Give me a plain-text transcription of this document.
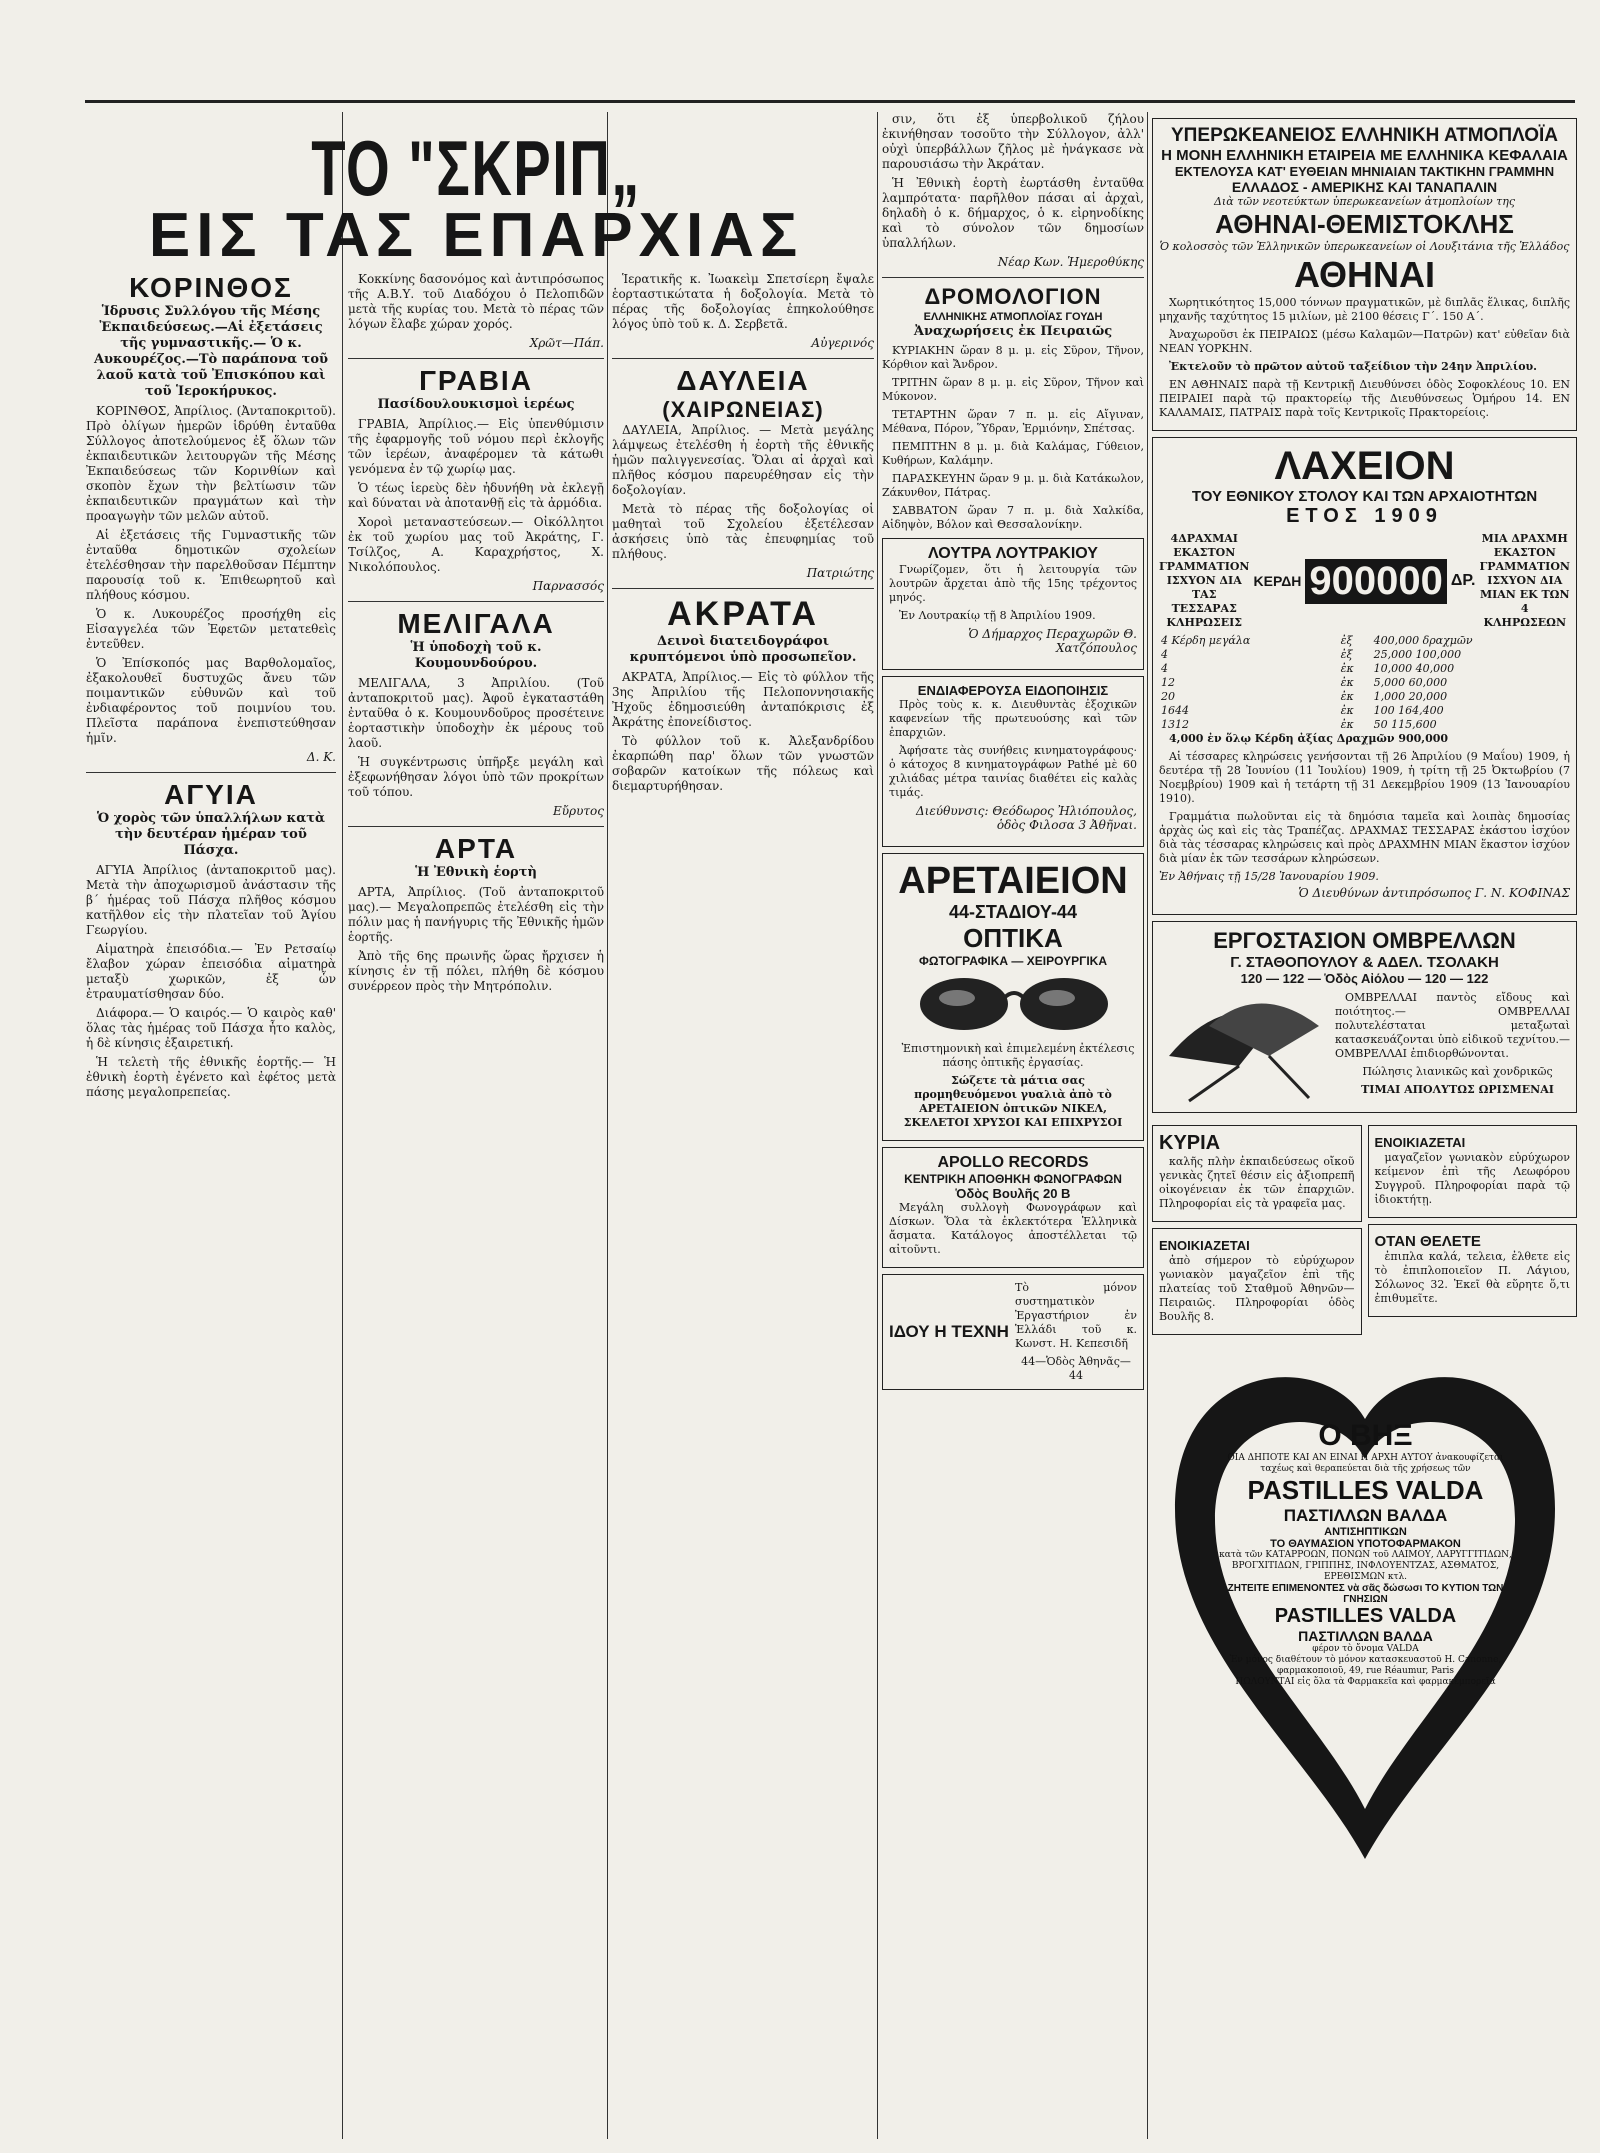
ΤΟ "ΣΚΡΙΠ„
ΕΙΣ ΤΑΣ ΕΠΑΡΧΙΑΣ
ΚΟΡΙΝΘΟΣ

Ἱδρυσις Συλλόγου τῆς Μέσης Ἐκπαιδεύσεως.—Αἱ ἐξετάσεις τῆς γυμναστικῆς.— Ὁ κ. Αυκουρέζος.—Τὸ παράπονα τοῦ λαοῦ κατὰ τοῦ Ἐπισκόπου καὶ τοῦ Ἱεροκήρυκος.

ΚΟΡΙΝΘΟΣ, Ἀπρίλιος. (Ἀνταποκριτοῦ). Πρὸ ὀλίγων ἡμερῶν ἱδρύθη ἐνταῦθα Σύλλογος ἀποτελούμενος ἐξ ὅλων τῶν ἐκπαιδευτικῶν λειτουργῶν τῆς Μέσης Ἐκπαιδεύσεως τῶν Κορινθίων καὶ σκοπὸν ἔχων τὴν βελτίωσιν τῶν ἐκπαιδευτικῶν πραγμάτων καὶ τὴν προαγωγὴν τῶν μελῶν αὐτοῦ.

Αἱ ἐξετάσεις τῆς Γυμναστικῆς τῶν ἐνταῦθα δημοτικῶν σχολείων ἐτελέσθησαν τὴν παρελθοῦσαν Πέμπτην παρουσίᾳ τοῦ κ. Ἐπιθεωρητοῦ καὶ πλήθους κόσμου.

Ὁ κ. Λυκουρέζος προσήχθη εἰς Εἰσαγγελέα τῶν Ἐφετῶν μετατεθεὶς ἐντεῦθεν.

Ὁ Ἐπίσκοπός μας Βαρθολομαῖος, ἐξακολουθεῖ δυστυχῶς ἄνευ τῶν ποιμαντικῶν εὐθυνῶν καὶ τοῦ ἐνδιαφέροντος τοῦ ποιμνίου του. Πλεῖστα παράπονα ἐνεπιστεύθησαν ἡμῖν.

Δ. Κ.
ΑΓΥΙΑ

Ὁ χορὸς τῶν ὑπαλλήλων κατὰ τὴν δευτέραν ἡμέραν τοῦ Πάσχα.

ΑΓΥΙΑ Ἀπρίλιος (ἀνταποκριτοῦ μας). Μετὰ τὴν ἀποχωρισμοῦ ἀνάστασιν τῆς β΄ ἡμέρας τοῦ Πάσχα πλῆθος κόσμου κατῆλθον εἰς τὴν πλατεῖαν τοῦ Ἁγίου Γεωργίου.

Αἱματηρὰ ἐπεισόδια.— Ἐν Ρετσαίῳ ἔλαβον χώραν ἐπεισόδια αἱματηρὰ μεταξὺ χωρικῶν, ἐξ ὧν ἐτραυματίσθησαν δύο.

Διάφορα.— Ὁ καιρός.— Ὁ καιρὸς καθ' ὅλας τὰς ἡμέρας τοῦ Πάσχα ἦτο καλὸς, ἡ δὲ κίνησις ἐξαιρετική.

Ἡ τελετὴ τῆς ἐθνικῆς ἑορτῆς.— Ἡ ἐθνικὴ ἑορτὴ ἐγένετο καὶ ἐφέτος μετὰ πάσης μεγαλοπρεπείας.

Κοκκίνης δασονόμος καὶ ἀντιπρόσωπος τῆς Α.Β.Υ. τοῦ Διαδόχου ὁ Πελοπιδῶν μετὰ τῆς κυρίας του. Μετὰ τὸ πέρας τῶν λόγων ἔλαβε χώραν χορός.

Χρῶτ—Πάπ.
ΓΡΑΒΙΑ

Πασίδουλουκισμοὶ ἱερέως

ΓΡΑΒΙΑ, Ἀπρίλιος.— Εἰς ὑπενθύμισιν τῆς ἐφαρμογῆς τοῦ νόμου περὶ ἐκλογῆς τῶν ἱερέων, ἀναφέρομεν τὰ κάτωθι γενόμενα ἐν τῷ χωρίῳ μας.

Ὁ τέως ἱερεὺς δὲν ἠδυνήθη νὰ ἐκλεγῇ καὶ δύναται νὰ ἀποτανθῇ εἰς τὰ ἀρμόδια.

Χοροὶ μεταναστεύσεων.— Οἰκόλλητοι ἐκ τοῦ χωρίου μας τοῦ Ἀκράτης, Γ. Τσίλζος, Α. Καραχρήστος, Χ. Νικολόπουλος.

Παρνασσός
ΜΕΛΙΓΑΛΑ

Ἡ ὑποδοχὴ τοῦ κ. Κουμουνδούρου.

ΜΕΛΙΓΑΛΑ, 3 Ἀπριλίου. (Τοῦ ἀνταποκριτοῦ μας). Ἀφοῦ ἐγκαταστάθη ἐνταῦθα ὁ κ. Κουμουνδοῦρος προσέτεινε ἑορταστικὴν ὑποδοχὴν ἐκ μέρους τοῦ λαοῦ.

Ἡ συγκέντρωσις ὑπῆρξε μεγάλη καὶ ἐξεφωνήθησαν λόγοι ὑπὸ τῶν προκρίτων τοῦ τόπου.

Εὔρυτος
ΑΡΤΑ

Ἡ Ἐθνικὴ ἑορτὴ

ΑΡΤΑ, Ἀπρίλιος. (Τοῦ ἀνταποκριτοῦ μας).— Μεγαλοπρεπῶς ἐτελέσθη εἰς τὴν πόλιν μας ἡ πανήγυρις τῆς Ἐθνικῆς ἡμῶν ἑορτῆς.

Ἀπὸ τῆς 6ης πρωινῆς ὥρας ἤρχισεν ἡ κίνησις ἐν τῇ πόλει, πλήθη δὲ κόσμου συνέρρεον πρὸς τὴν Μητρόπολιν.

Ἱερατικῆς κ. Ἰωακεὶμ Σπετσίερη ἔψαλε ἑορταστικώτατα ἡ δοξολογία. Μετὰ τὸ πέρας τῆς δοξολογίας ἐπηκολούθησε λόγος ὑπὸ τοῦ κ. Δ. Σερβετᾶ.

Αὐγερινός
ΔΑΥΛΕΙΑ
(ΧΑΙΡΩΝΕΙΑΣ)

ΔΑΥΛΕΙΑ, Ἀπρίλιος. — Μετὰ μεγάλης λάμψεως ἐτελέσθη ἡ ἑορτὴ τῆς ἐθνικῆς ἡμῶν παλιγγενεσίας. Ὅλαι αἱ ἀρχαὶ καὶ πλῆθος κόσμου παρευρέθησαν εἰς τὴν δοξολογίαν.

Μετὰ τὸ πέρας τῆς δοξολογίας οἱ μαθηταὶ τοῦ Σχολείου ἐξετέλεσαν ἀσκήσεις ὑπὸ τὰς ἐπευφημίας τοῦ πλήθους.

Πατριώτης
ΑΚΡΑΤΑ

Δεινοὶ διατειδογράφοι κρυπτόμενοι ὑπὸ προσωπεῖον.

ΑΚΡΑΤΑ, Ἀπρίλιος.— Εἰς τὸ φύλλον τῆς 3ης Ἀπριλίου τῆς Πελοποννησιακῆς Ἠχοῦς ἐδημοσιεύθη ἀνταπόκρισις ἐξ Ἀκράτης ἐπονείδιστος.

Τὸ φύλλον τοῦ κ. Ἀλεξανδρίδου ἐκαρπώθη παρ' ὅλων τῶν γνωστῶν σοβαρῶν κατοίκων τῆς πόλεως καὶ διεμαρτυρήθησαν.

σιν, ὅτι ἐξ ὑπερβολικοῦ ζήλου ἐκινήθησαν τοσοῦτο τὴν Σύλλογον, ἀλλ' οὐχὶ ὑπερβάλλων ζῆλος μὲ ἠνάγκασε νὰ παρουσιάσω τὴν Ἀκράταν.

Ἡ Ἐθνικὴ ἑορτὴ ἐωρτάσθη ἐνταῦθα λαμπρότατα· παρῆλθον πάσαι αἱ ἀρχαὶ, δηλαδὴ ὁ κ. δήμαρχος, ὁ κ. εἰρηνοδίκης καὶ τὸ σύνολον τῶν δημοσίων ὑπαλλήλων.

Νέαρ Κων. Ἡμεροθύκης
ΔΡΟΜΟΛΟΓΙΟΝ
ΕΛΛΗΝΙΚΗΣ ΑΤΜΟΠΛΟΪΑΣ ΓΟΥΔΗ

Ἀναχωρήσεις ἐκ Πειραιῶς

ΚΥΡΙΑΚΗΝ ὥραν 8 μ. μ. εἰς Σῦρον, Τῆνον, Κόρθιον καὶ Ἄνδρον.

ΤΡΙΤΗΝ ὥραν 8 μ. μ. εἰς Σῦρον, Τῆνον καὶ Μύκονον.

ΤΕΤΑΡΤΗΝ ὥραν 7 π. μ. εἰς Αἴγιναν, Μέθανα, Πόρον, Ὕδραν, Ἑρμιόνην, Σπέτσας.

ΠΕΜΠΤΗΝ 8 μ. μ. διὰ Καλάμας, Γύθειον, Κυθήρων, Καλάμην.

ΠΑΡΑΣΚΕΥΗΝ ὥραν 9 μ. μ. διὰ Κατάκωλον, Ζάκυνθον, Πάτρας.

ΣΑΒΒΑΤΟΝ ὥραν 7 π. μ. διὰ Χαλκίδα, Αἰδηψὸν, Βόλον καὶ Θεσσαλονίκην.

ΛΟΥΤΡΑ ΛΟΥΤΡΑΚΙΟΥ

Γνωρίζομεν, ὅτι ἡ λειτουργία τῶν λουτρῶν ἄρχεται ἀπὸ τῆς 15ης τρέχοντος μηνός.

Ἐν Λουτρακίῳ τῇ 8 Ἀπριλίου 1909.

Ὁ Δήμαρχος Περαχωρῶν Θ. Χατζόπουλος
ΕΝΔΙΑΦΕΡΟΥΣΑ ΕΙΔΟΠΟΙΗΣΙΣ

Πρὸς τοὺς κ. κ. Διευθυντὰς ἐξοχικῶν καφενείων τῆς πρωτευούσης καὶ τῶν ἐπαρχιῶν.

Ἀφήσατε τὰς συνήθεις κινηματογράφους· ὁ κάτοχος 8 κινηματογράφων Pathé μὲ 60 χιλιάδας μέτρα ταινίας διαθέτει εἰς καλὰς τιμάς.

Διεύθυνσις: Θεόδωρος Ἠλιόπουλος, ὁδὸς Φιλοσα 3 Ἀθῆναι.
ΑΡΕΤΑΙΕΙΟΝ
44-ΣΤΑΔΙΟΥ-44
ΟΠΤΙΚΑ
ΦΩΤΟΓΡΑΦΙΚΑ — ΧΕΙΡΟΥΡΓΙΚΑ

Ἐπιστημονικὴ καὶ ἐπιμελεμένη ἐκτέλεσις πάσης ὀπτικῆς ἐργασίας.

Σώζετε τὰ μάτια σας προμηθευόμενοι γυαλιὰ ἀπὸ τὸ ΑΡΕΤΑΙΕΙΟΝ ὀπτικῶν ΝΙΚΕΛ, ΣΚΕΛΕΤΟΙ ΧΡΥΣΟΙ ΚΑΙ ΕΠΙΧΡΥΣΟΙ

APOLLO RECORDS
ΚΕΝΤΡΙΚΗ ΑΠΟΘΗΚΗ ΦΩΝΟΓΡΑΦΩΝ
Ὁδὸς Βουλῆς 20 Β

Μεγάλη συλλογὴ Φωνογράφων καὶ Δίσκων. Ὅλα τὰ ἐκλεκτότερα Ἑλληνικὰ ἄσματα. Κατάλογος ἀποστέλλεται τῷ αἰτοῦντι.

ΙΔΟΥ Η ΤΕΧΝΗ

Τὸ μόνον συστηματικὸν Ἐργαστήριον ἐν Ἑλλάδι τοῦ κ. Κωνστ. Η. Κεπεσιδῆ

44—Ὁδὸς Ἀθηνᾶς—44
ΥΠΕΡΩΚΕΑΝΕΙΟΣ ΕΛΛΗΝΙΚΗ ΑΤΜΟΠΛΟΪΑ
Η ΜΟΝΗ ΕΛΛΗΝΙΚΗ ΕΤΑΙΡΕΙΑ ΜΕ ΕΛΛΗΝΙΚΑ ΚΕΦΑΛΑΙΑ
ΕΚΤΕΛΟΥΣΑ ΚΑΤ' ΕΥΘΕΙΑΝ ΜΗΝΙΑΙΑΝ ΤΑΚΤΙΚΗΝ ΓΡΑΜΜΗΝ
ΕΛΛΑΔΟΣ - ΑΜΕΡΙΚΗΣ ΚΑΙ ΤΑΝΑΠΑΛΙΝ
Διὰ τῶν νεοτεύκτων ὑπερωκεανείων ἀτμοπλοίων της
ΑΘΗΝΑΙ-ΘΕΜΙΣΤΟΚΛΗΣ
Ὁ κολοσσὸς τῶν Ἑλληνικῶν ὑπερωκεανείων οἱ Λουξιτάνια τῆς Ἑλλάδος
ΑΘΗΝΑΙ

Χωρητικότητος 15,000 τόννων πραγματικῶν, μὲ διπλᾶς ἕλικας, διπλῆς μηχανῆς ταχύτητος 15 μιλίων, μὲ 2100 θέσεις Γ΄. 150 Α΄.

Ἀναχωροῦσι ἐκ ΠΕΙΡΑΙΩΣ (μέσω Καλαμῶν—Πατρῶν) κατ' εὐθεῖαν διὰ ΝΕΑΝ ΥΟΡΚΗΝ.

Ἐκτελοῦν τὸ πρῶτον αὐτοῦ ταξείδιον τὴν 24ην Ἀπριλίου.

ΕΝ ΑΘΗΝΑΙΣ παρὰ τῇ Κεντρικῇ Διευθύνσει ὁδὸς Σοφοκλέους 10. ΕΝ ΠΕΙΡΑΙΕΙ παρὰ τῷ πρακτορείῳ τῆς Διευθύνσεως Ὁμήρου 14. ΕΝ ΚΑΛΑΜΑΙΣ, ΠΑΤΡΑΙΣ παρὰ τοῖς Κεντρικοῖς Πρακτορείοις.

ΛΑΧΕΙΟΝ
ΤΟΥ ΕΘΝΙΚΟΥ ΣΤΟΛΟΥ ΚΑΙ ΤΩΝ ΑΡΧΑΙΟΤΗΤΩΝ
ΕΤΟΣ 1909
4ΔΡΑΧΜΑΙ ΕΚΑΣΤΟΝ ΓΡΑΜΜΑΤΙΟΝ ΙΣΧΥΟΝ ΔΙΑ ΤΑΣ ΤΕΣΣΑΡΑΣ ΚΛΗΡΩΣΕΙΣ
ΚΕΡΔΗ 900000 ΔΡ.
ΜΙΑ ΔΡΑΧΜΗ ΕΚΑΣΤΟΝ ΓΡΑΜΜΑΤΙΟΝ ΙΣΧΥΟΝ ΔΙΑ ΜΙΑΝ ΕΚ ΤΩΝ 4 ΚΛΗΡΩΣΕΩΝ
4 Κέρδη μεγάλα	ἐξ	400,000 δραχμῶν
4	ἐξ	25,000 100,000
4	ἐκ	10,000 40,000
12	ἐκ	5,000 60,000
20	ἐκ	1,000 20,000
1644	ἐκ	100 164,400
1312	ἐκ	50 115,600

4,000 ἐν ὅλῳ Κέρδη ἀξίας Δραχμῶν 900,000

Αἱ τέσσαρες κληρώσεις γενήσονται τῇ 26 Ἀπριλίου (9 Μαΐου) 1909, ἡ δευτέρα τῇ 28 Ἰουνίου (11 Ἰουλίου) 1909, ἡ τρίτη τῇ 25 Ὀκτωβρίου (7 Νοεμβρίου) 1909 καὶ ἡ τετάρτη τῇ 31 Δεκεμβρίου 1909 (13 Ἰανουαρίου 1910).

Γραμμάτια πωλοῦνται εἰς τὰ δημόσια ταμεῖα καὶ λοιπὰς δημοσίας ἀρχὰς ὡς καὶ εἰς τὰς Τραπέζας. ΔΡΑΧΜΑΣ ΤΕΣΣΑΡΑΣ ἑκάστου ἰσχύον διὰ τὰς τέσσαρας κληρώσεις καὶ πρὸς ΔΡΑΧΜΗΝ ΜΙΑΝ ἕκαστον ἰσχύον διὰ μίαν ἐκ τῶν τεσσάρων κληρώσεων.

Ἐν Ἀθήναις τῇ 15/28 Ἰανουαρίου 1909.
Ὁ Διευθύνων ἀντιπρόσωπος Γ. Ν. ΚΟΦΙΝΑΣ
ΕΡΓΟΣΤΑΣΙΟΝ ΟΜΒΡΕΛΛΩΝ
Γ. ΣΤΑΘΟΠΟΥΛΟΥ & ΑΔΕΛ. ΤΣΟΛΑΚΗ
120 — 122 — Ὁδὸς Αἰόλου — 120 — 122

ΟΜΒΡΕΛΛΑΙ παντὸς εἴδους καὶ ποιότητος.— ΟΜΒΡΕΛΛΑΙ πολυτελέσταται μεταξωταὶ κατασκευάζονται ὑπὸ εἰδικοῦ τεχνίτου.— ΟΜΒΡΕΛΛΑΙ ἐπιδιορθώνονται.

Πώλησις λιανικῶς καὶ χονδρικῶς

ΤΙΜΑΙ ΑΠΟΛΥΤΩΣ ΩΡΙΣΜΕΝΑΙ

ΚΥΡΙΑ

καλῆς πλὴν ἐκπαιδεύσεως οἴκοῦ γενικὰς ζητεῖ θέσιν εἰς ἀξιοπρεπῆ οἰκογένειαν ἐκ τῶν ἐπαρχιῶν. Πληροφορίαι εἰς τὰ γραφεῖα μας.

ΕΝΟΙΚΙΑΖΕΤΑΙ

ἀπὸ σήμερον τὸ εὐρύχωρον γωνιακὸν μαγαζεῖον ἐπὶ τῆς πλατείας τοῦ Σταθμοῦ Ἀθηνῶν—Πειραιῶς. Πληροφορίαι ὁδὸς Βουλῆς 8.

ΕΝΟΙΚΙΑΖΕΤΑΙ

μαγαζεῖον γωνιακὸν εὐρύχωρον κείμενον ἐπὶ τῆς Λεωφόρου Συγγροῦ. Πληροφορίαι παρὰ τῷ ἰδιοκτήτῃ.

ΟΤΑΝ ΘΕΛΕΤΕ

ἐπιπλα καλά, τελεια, ἐλθετε εἰς τὸ ἐπιπλοποιεῖον Π. Λάγιου, Σόλωνος 32. Ἐκεῖ θὰ εὕρητε ὅ,τι ἐπιθυμεῖτε.

Ο ΒΗΞ
ΟΙΑ ΔΗΠΟΤΕ ΚΑΙ ΑΝ ΕΙΝΑΙ Η ΑΡΧΗ ΑΥΤΟΥ ἀνακουφίζεται ταχέως καὶ θεραπεύεται διὰ τῆς χρήσεως τῶν
PASTILLES VALDA
ΠΑΣΤΙΛΛΩΝ ΒΑΛΔΑ
ΑΝΤΙΣΗΠΤΙΚΩΝ
ΤΟ ΘΑΥΜΑΣΙΟΝ ΥΠΟΤΟΦΑΡΜΑΚΟΝ
κατὰ τῶν ΚΑΤΑΡΡΟΩΝ, ΠΟΝΩΝ τοῦ ΛΑΙΜΟΥ, ΛΑΡΥΓΓΙΤΙΔΩΝ, ΒΡΟΓΧΙΤΙΔΩΝ, ΓΡΙΠΠΗΣ, ΙΝΦΛΟΥΕΝΤΖΑΣ, ΑΣΘΜΑΤΟΣ, ΕΡΕΘΙΣΜΩΝ κτλ.
ΖΗΤΕΙΤΕ ΕΠΙΜΕΝΟΝΤΕΣ νὰ σᾶς δώσωσι ΤΟ ΚΥΤΙΟΝ ΤΩΝ ΓΝΗΣΙΩΝ
PASTILLES VALDA
ΠΑΣΤΙΛΛΩΝ ΒΑΛΔΑ
φέρον τὸ ὄνομα VALDA
Ἐν μόνος διαθέτουν τὸ μόνον κατασκευαστοῦ H. Canonne, φαρμακοποιοῦ, 49, rue Réaumur, Paris
ΠΩΛΟΥΝΤΑΙ εἰς ὅλα τὰ Φαρμακεῖα καὶ φαρμακεμπορεῖα
